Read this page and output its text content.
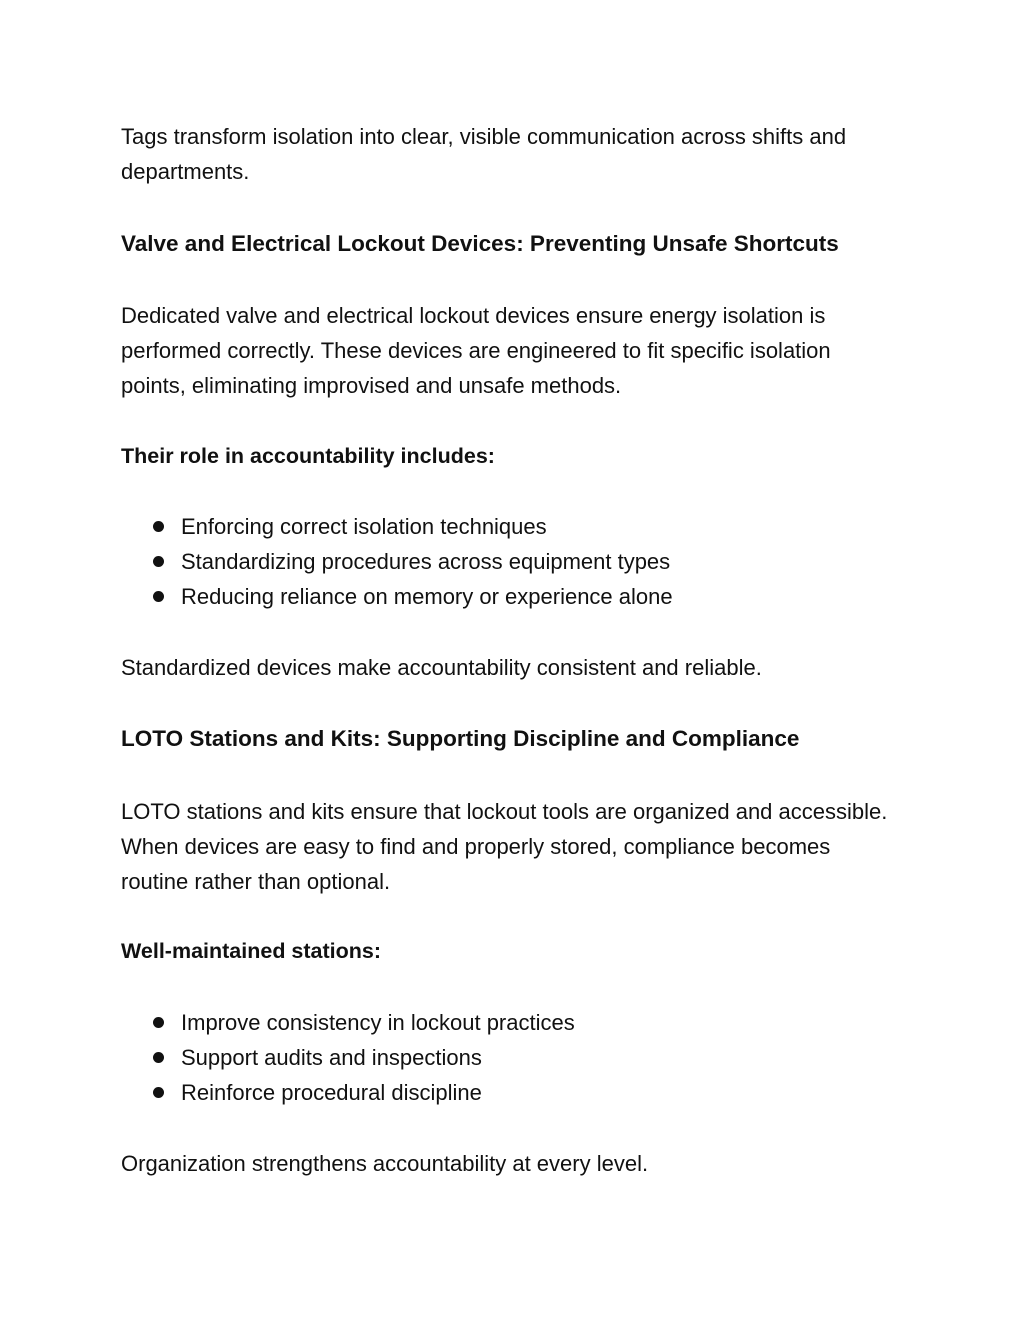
Tags transform isolation into clear, visible communication across shifts and departments.

Valve and Electrical Lockout Devices: Preventing Unsafe Shortcuts

Dedicated valve and electrical lockout devices ensure energy isolation is performed correctly. These devices are engineered to fit specific isolation points, eliminating improvised and unsafe methods.

Their role in accountability includes:

Enforcing correct isolation techniques
Standardizing procedures across equipment types
Reducing reliance on memory or experience alone

Standardized devices make accountability consistent and reliable.

LOTO Stations and Kits: Supporting Discipline and Compliance

LOTO stations and kits ensure that lockout tools are organized and accessible. When devices are easy to find and properly stored, compliance becomes routine rather than optional.

Well-maintained stations:

Improve consistency in lockout practices
Support audits and inspections
Reinforce procedural discipline

Organization strengthens accountability at every level.
